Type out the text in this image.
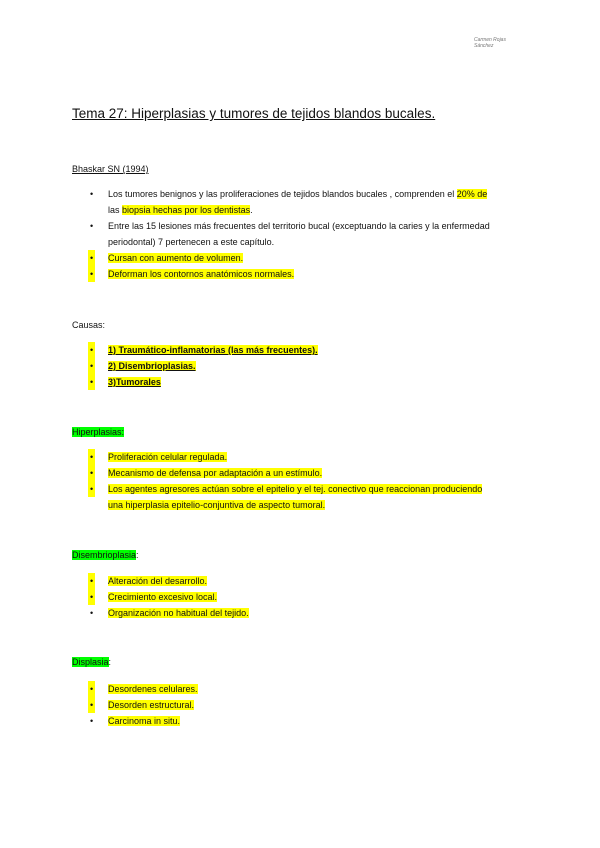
Carmen Rojas
Sánchez
Tema 27: Hiperplasias y tumores de tejidos blandos bucales.
Bhaskar SN (1994)
• Los tumores benignos y las proliferaciones de tejidos blandos bucales , comprenden el 20% de
las biopsia hechas por los dentistas.
• Entre las 15 lesiones más frecuentes del territorio bucal (exceptuando la caries y la enfermedad
periodontal) 7 pertenecen a este capítulo.
• Cursan con aumento de volumen.
• Deforman los contornos anatómicos normales.
Causas:
• 1) Traumático-inflamatorias (las más frecuentes).
• 2) Disembrioplasias.
• 3)Tumorales
Hiperplasias:
• Proliferación celular regulada.
• Mecanismo de defensa por adaptación a un estímulo.
• Los agentes agresores actúan sobre el epitelio y el tej. conectivo que reaccionan produciendo
una hiperplasia epitelio-conjuntiva de aspecto tumoral.
Disembrioplasia:
• Alteración del desarrollo.
• Crecimiento excesivo local.
• Organización no habitual del tejido.
Displasia:
• Desordenes celulares.
• Desorden estructural.
• Carcinoma in situ.
